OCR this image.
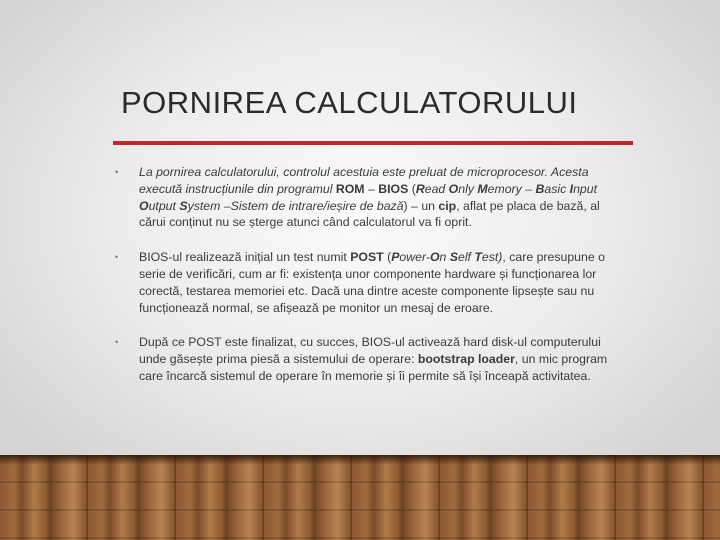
PORNIREA CALCULATORULUI
• La pornirea calculatorului, controlul acestuia este preluat de microprocesor. Acesta execută instrucțiunile din programul ROM – BIOS (Read Only Memory – Basic Input Output System –Sistem de intrare/ieșire de bază) – un cip, aflat pe placa de bază, al cărui conținut nu se șterge atunci când calculatorul va fi oprit.
• BIOS-ul realizează inițial un test numit POST (Power-On Self Test), care presupune o serie de verificări, cum ar fi: existența unor componente hardware și funcționarea lor corectă, testarea memoriei etc. Dacă una dintre aceste componente lipsește sau nu funcționează normal, se afișează pe monitor un mesaj de eroare.
• După ce POST este finalizat, cu succes, BIOS-ul activează hard disk-ul computerului unde găsește prima piesă a sistemului de operare: bootstrap loader, un mic program care încarcă sistemul de operare în memorie și îi permite să își înceapă activitatea.
